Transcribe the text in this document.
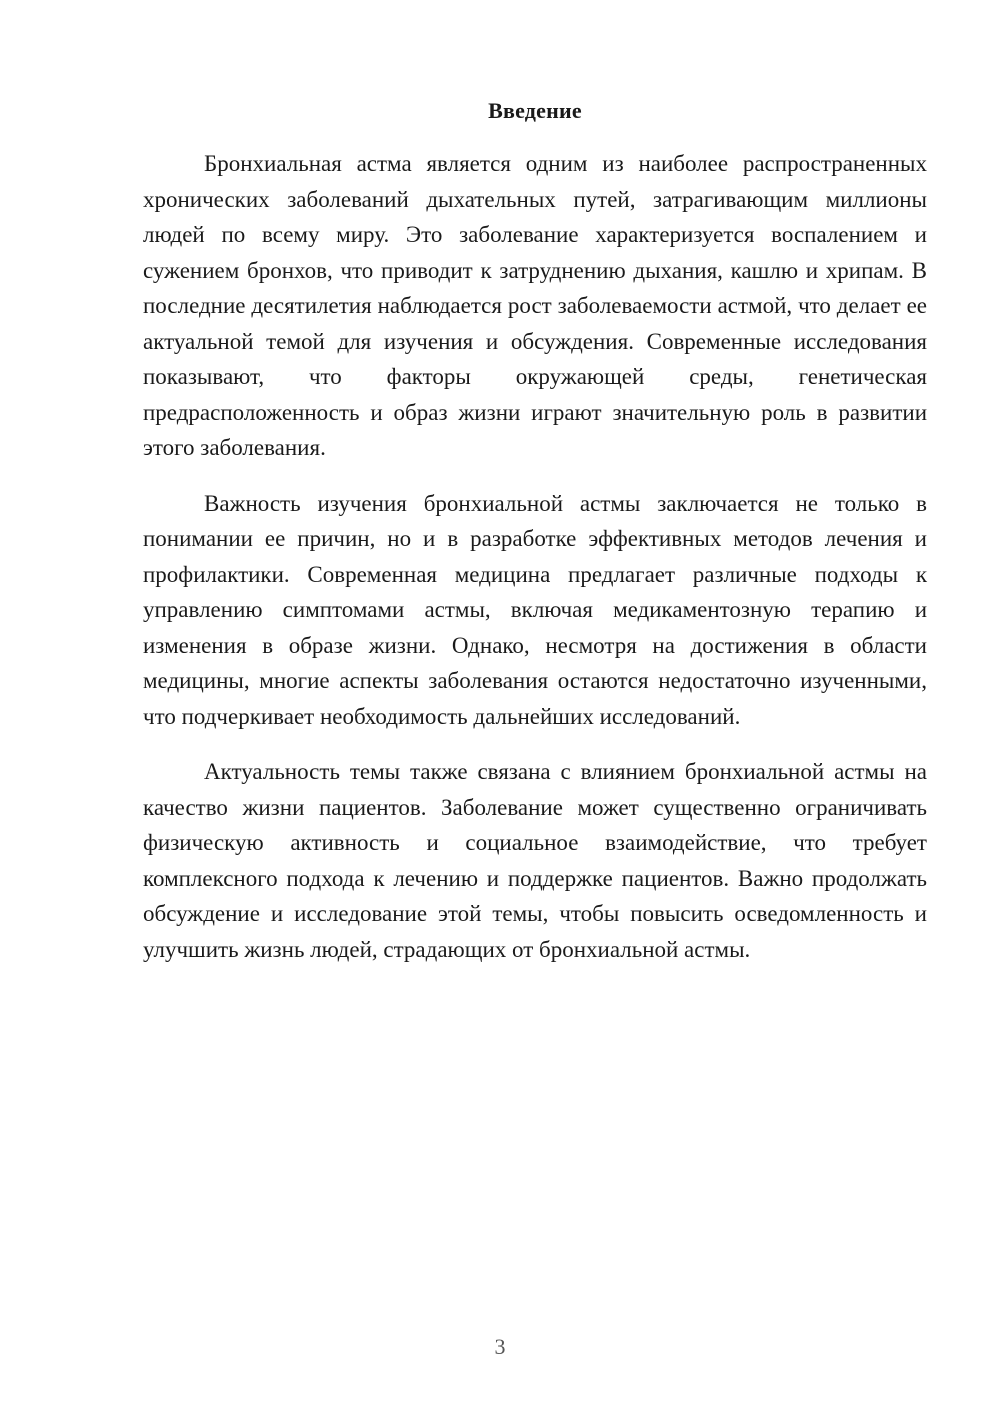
Введение

Бронхиальная астма является одним из наиболее распространенных хронических заболеваний дыхательных путей, затрагивающим миллионы людей по всему миру. Это заболевание характеризуется воспалением и сужением бронхов, что приводит к затруднению дыхания, кашлю и хрипам. В последние десятилетия наблюдается рост заболеваемости астмой, что делает ее актуальной темой для изучения и обсуждения. Современные исследования показывают, что факторы окружающей среды, генетическая предрасположенность и образ жизни играют значительную роль в развитии этого заболевания.

Важность изучения бронхиальной астмы заключается не только в понимании ее причин, но и в разработке эффективных методов лечения и профилактики. Современная медицина предлагает различные подходы к управлению симптомами астмы, включая медикаментозную терапию и изменения в образе жизни. Однако, несмотря на достижения в области медицины, многие аспекты заболевания остаются недостаточно изученными, что подчеркивает необходимость дальнейших исследований.

Актуальность темы также связана с влиянием бронхиальной астмы на качество жизни пациентов. Заболевание может существенно ограничивать физическую активность и социальное взаимодействие, что требует комплексного подхода к лечению и поддержке пациентов. Важно продолжать обсуждение и исследование этой темы, чтобы повысить осведомленность и улучшить жизнь людей, страдающих от бронхиальной астмы.

3
